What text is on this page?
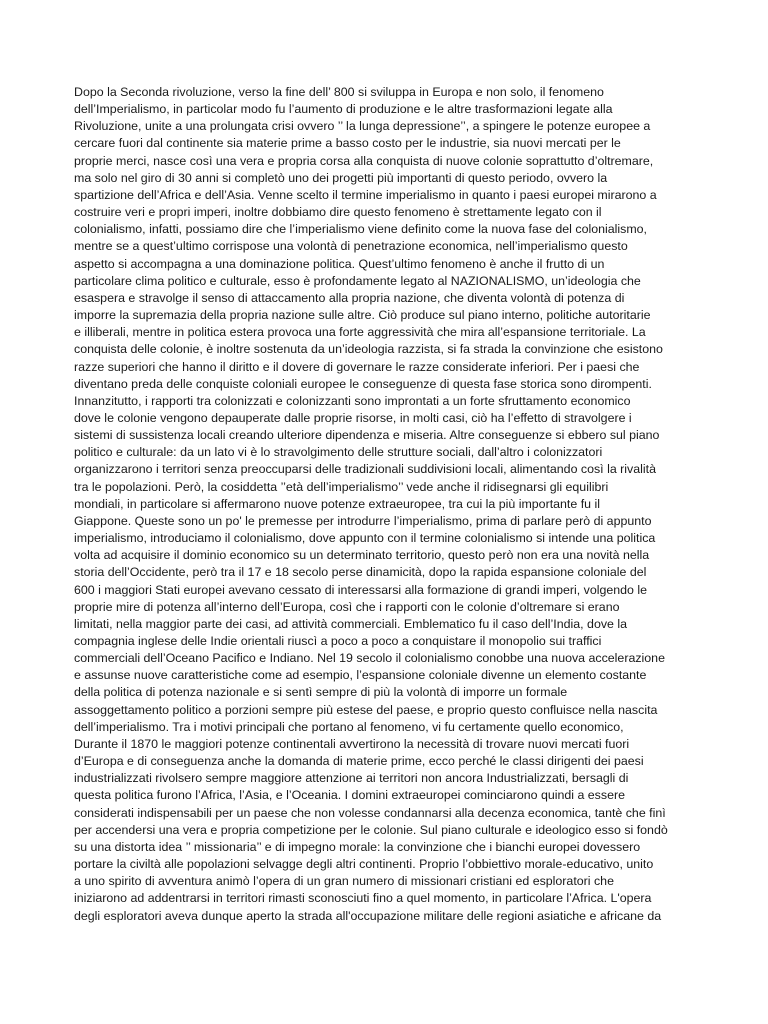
Dopo la Seconda rivoluzione, verso la fine dell’ 800 si sviluppa in Europa e non solo, il fenomeno
dell’Imperialismo, in particolar modo fu l’aumento di produzione e le altre trasformazioni legate alla
Rivoluzione, unite a una prolungata crisi ovvero ’’ la lunga depressione’’, a spingere le potenze europee a
cercare fuori dal continente sia materie prime a basso costo per le industrie, sia nuovi mercati per le
proprie merci, nasce così una vera e propria corsa alla conquista di nuove colonie soprattutto d’oltremare,
ma solo nel giro di 30 anni si completò uno dei progetti più importanti di questo periodo, ovvero la
spartizione dell’Africa e dell’Asia. Venne scelto il termine imperialismo in quanto i paesi europei mirarono a
costruire veri e propri imperi, inoltre dobbiamo dire questo fenomeno è strettamente legato con il
colonialismo, infatti, possiamo dire che l’imperialismo viene definito come la nuova fase del colonialismo,
mentre se a quest’ultimo corrispose una volontà di penetrazione economica, nell’imperialismo questo
aspetto si accompagna a una dominazione politica. Quest’ultimo fenomeno è anche il frutto di un
particolare clima politico e culturale, esso è profondamente legato al NAZIONALISMO, un’ideologia che
esaspera e stravolge il senso di attaccamento alla propria nazione, che diventa volontà di potenza di
imporre la supremazia della propria nazione sulle altre. Ciò produce sul piano interno, politiche autoritarie
e illiberali, mentre in politica estera provoca una forte aggressività che mira all’espansione territoriale. La
conquista delle colonie, è inoltre sostenuta da un’ideologia razzista, si fa strada la convinzione che esistono
razze superiori che hanno il diritto e il dovere di governare le razze considerate inferiori. Per i paesi che
diventano preda delle conquiste coloniali europee le conseguenze di questa fase storica sono dirompenti.
Innanzitutto, i rapporti tra colonizzati e colonizzanti sono improntati a un forte sfruttamento economico
dove le colonie vengono depauperate dalle proprie risorse, in molti casi, ciò ha l’effetto di stravolgere i
sistemi di sussistenza locali creando ulteriore dipendenza e miseria. Altre conseguenze si ebbero sul piano
politico e culturale: da un lato vi è lo stravolgimento delle strutture sociali, dall’altro i colonizzatori
organizzarono i territori senza preoccuparsi delle tradizionali suddivisioni locali, alimentando così la rivalità
tra le popolazioni. Però, la cosiddetta ’’età dell’imperialismo’’ vede anche il ridisegnarsi gli equilibri
mondiali, in particolare si affermarono nuove potenze extraeuropee, tra cui la più importante fu il
Giappone. Queste sono un po' le premesse per introdurre l’imperialismo, prima di parlare però di appunto
imperialismo, introduciamo il colonialismo, dove appunto con il termine colonialismo si intende una politica
volta ad acquisire il dominio economico su un determinato territorio, questo però non era una novità nella
storia dell’Occidente, però tra il 17 e 18 secolo perse dinamicità, dopo la rapida espansione coloniale del
600 i maggiori Stati europei avevano cessato di interessarsi alla formazione di grandi imperi, volgendo le
proprie mire di potenza all’interno dell’Europa, così che i rapporti con le colonie d’oltremare si erano
limitati, nella maggior parte dei casi, ad attività commerciali. Emblematico fu il caso dell’India, dove la
compagnia inglese delle Indie orientali riuscì a poco a poco a conquistare il monopolio sui traffici
commerciali dell’Oceano Pacifico e Indiano. Nel 19 secolo il colonialismo conobbe una nuova accelerazione
e assunse nuove caratteristiche come ad esempio, l’espansione coloniale divenne un elemento costante
della politica di potenza nazionale e si sentì sempre di più la volontà di imporre un formale
assoggettamento politico a porzioni sempre più estese del paese, e proprio questo confluisce nella nascita
dell’imperialismo. Tra i motivi principali che portano al fenomeno, vi fu certamente quello economico,
Durante il 1870 le maggiori potenze continentali avvertirono la necessità di trovare nuovi mercati fuori
d’Europa e di conseguenza anche la domanda di materie prime, ecco perché le classi dirigenti dei paesi
industrializzati rivolsero sempre maggiore attenzione ai territori non ancora Industrializzati, bersagli di
questa politica furono l’Africa, l’Asia, e l’Oceania. I domini extraeuropei cominciarono quindi a essere
considerati indispensabili per un paese che non volesse condannarsi alla decenza economica, tantè che finì
per accendersi una vera e propria competizione per le colonie. Sul piano culturale e ideologico esso si fondò
su una distorta idea ’’ missionaria’’ e di impegno morale: la convinzione che i bianchi europei dovessero
portare la civiltà alle popolazioni selvagge degli altri continenti. Proprio l’obbiettivo morale-educativo, unito
a uno spirito di avventura animò l’opera di un gran numero di missionari cristiani ed esploratori che
iniziarono ad addentrarsi in territori rimasti sconosciuti fino a quel momento, in particolare l’Africa. L'opera
degli esploratori aveva dunque aperto la strada all'occupazione militare delle regioni asiatiche e africane da
